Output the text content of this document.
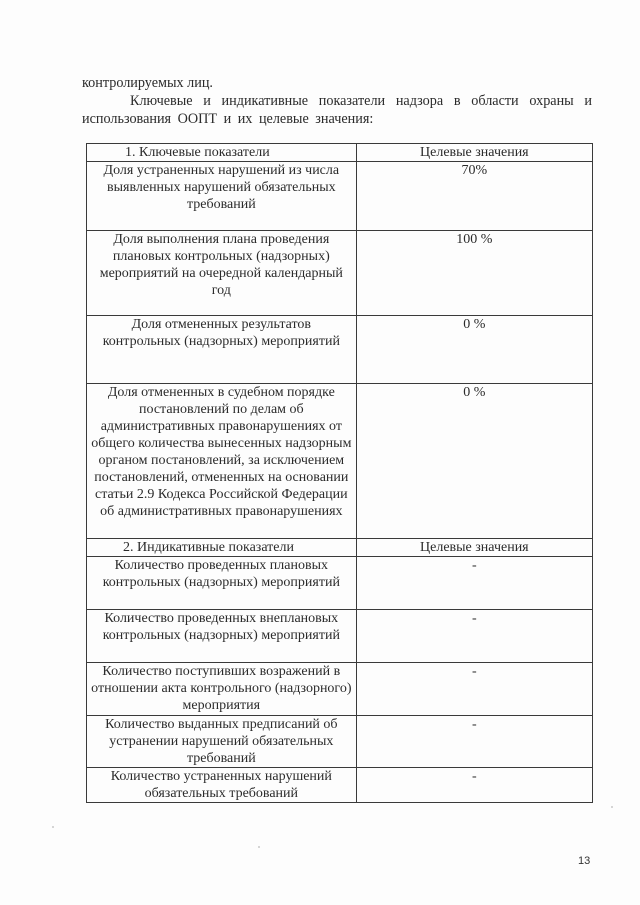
контролируемых лиц.
Ключевые и индикативные показатели надзора в области охраны и использования ООПТ и их целевые значения:
1. Ключевые показатели	Целевые значения
Доля устраненных нарушений из числа выявленных нарушений обязательных требований	70%
Доля выполнения плана проведения плановых контрольных (надзорных) мероприятий на очередной календарный год	100 %
Доля отмененных результатов контрольных (надзорных) мероприятий	0 %
Доля отмененных в судебном порядке постановлений по делам об административных правонарушениях от общего количества вынесенных надзорным органом постановлений, за исключением постановлений, отмененных на основании статьи 2.9 Кодекса Российской Федерации об административных правонарушениях	0 %
2. Индикативные показатели	Целевые значения
Количество проведенных плановых контрольных (надзорных) мероприятий	-
Количество проведенных внеплановых контрольных (надзорных) мероприятий	-
Количество поступивших возражений в отношении акта контрольного (надзорного) мероприятия	-
Количество выданных предписаний об устранении нарушений обязательных требований	-
Количество устраненных нарушений обязательных требований	-
13
